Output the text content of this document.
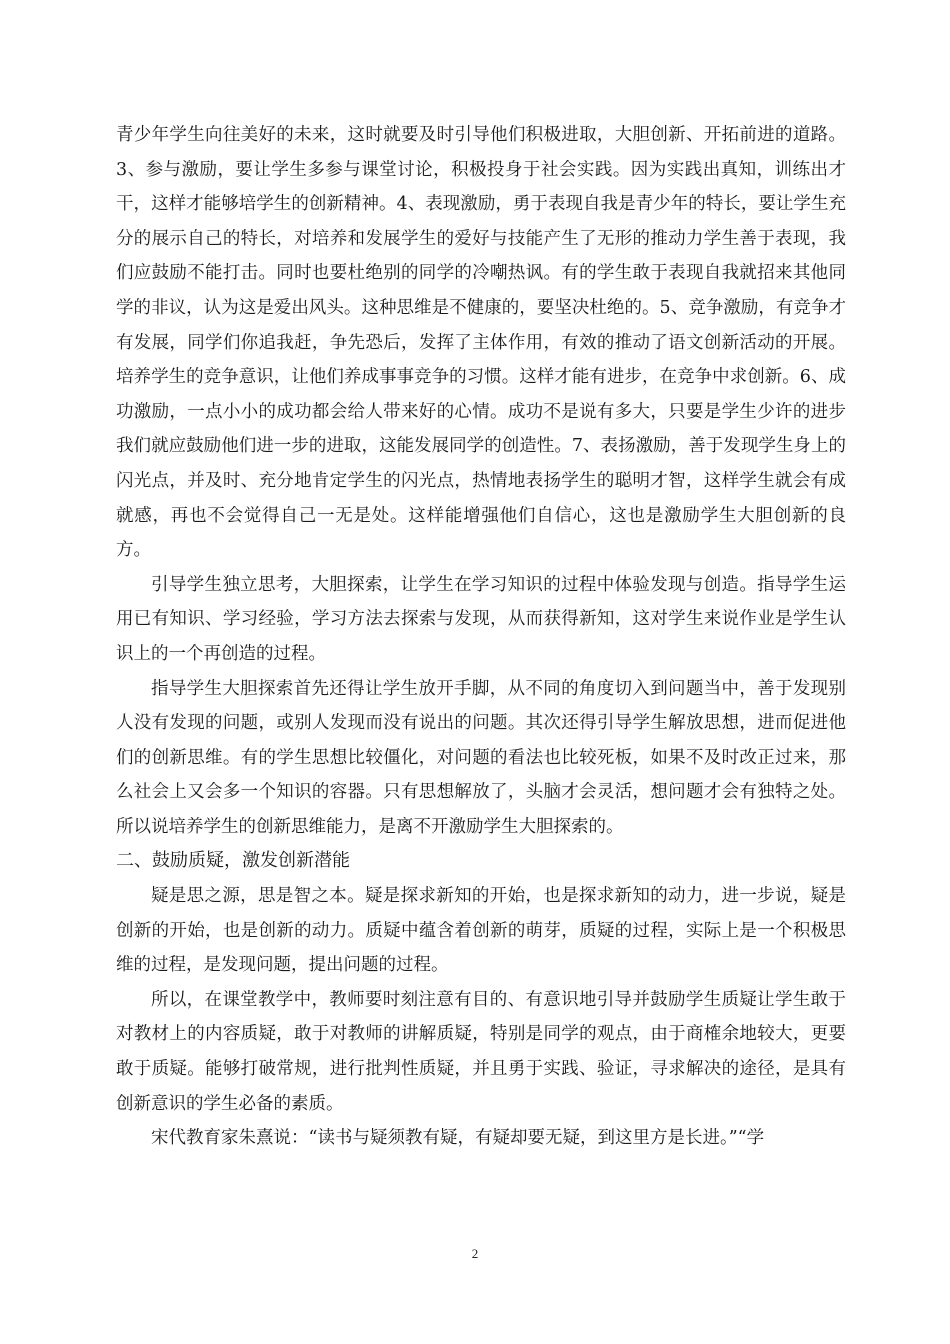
青少年学生向往美好的未来，这时就要及时引导他们积极进取，大胆创新、开拓前进的道路。3、参与激励，要让学生多参与课堂讨论，积极投身于社会实践。因为实践出真知，训练出才干，这样才能够培学生的创新精神。4、表现激励，勇于表现自我是青少年的特长，要让学生充分的展示自己的特长，对培养和发展学生的爱好与技能产生了无形的推动力学生善于表现，我们应鼓励不能打击。同时也要杜绝别的同学的冷嘲热讽。有的学生敢于表现自我就招来其他同学的非议，认为这是爱出风头。这种思维是不健康的，要坚决杜绝的。5、竞争激励，有竞争才有发展，同学们你追我赶，争先恐后，发挥了主体作用，有效的推动了语文创新活动的开展。培养学生的竞争意识，让他们养成事事竞争的习惯。这样才能有进步，在竞争中求创新。6、成功激励，一点小小的成功都会给人带来好的心情。成功不是说有多大，只要是学生少许的进步我们就应鼓励他们进一步的进取，这能发展同学的创造性。7、表扬激励，善于发现学生身上的闪光点，并及时、充分地肯定学生的闪光点，热情地表扬学生的聪明才智，这样学生就会有成就感，再也不会觉得自己一无是处。这样能增强他们自信心，这也是激励学生大胆创新的良方。

引导学生独立思考，大胆探索，让学生在学习知识的过程中体验发现与创造。指导学生运用已有知识、学习经验，学习方法去探索与发现，从而获得新知，这对学生来说作业是学生认识上的一个再创造的过程。

指导学生大胆探索首先还得让学生放开手脚，从不同的角度切入到问题当中，善于发现别人没有发现的问题，或别人发现而没有说出的问题。其次还得引导学生解放思想，进而促进他们的创新思维。有的学生思想比较僵化，对问题的看法也比较死板，如果不及时改正过来，那么社会上又会多一个知识的容器。只有思想解放了，头脑才会灵活，想问题才会有独特之处。所以说培养学生的创新思维能力，是离不开激励学生大胆探索的。

二、鼓励质疑，激发创新潜能

疑是思之源，思是智之本。疑是探求新知的开始，也是探求新知的动力，进一步说，疑是创新的开始，也是创新的动力。质疑中蕴含着创新的萌芽，质疑的过程，实际上是一个积极思维的过程，是发现问题，提出问题的过程。

所以，在课堂教学中，教师要时刻注意有目的、有意识地引导并鼓励学生质疑让学生敢于对教材上的内容质疑，敢于对教师的讲解质疑，特别是同学的观点，由于商榷余地较大，更要敢于质疑。能够打破常规，进行批判性质疑，并且勇于实践、验证，寻求解决的途径，是具有创新意识的学生必备的素质。

宋代教育家朱熹说：“读书与疑须教有疑，有疑却要无疑，到这里方是长进。”“学

2
